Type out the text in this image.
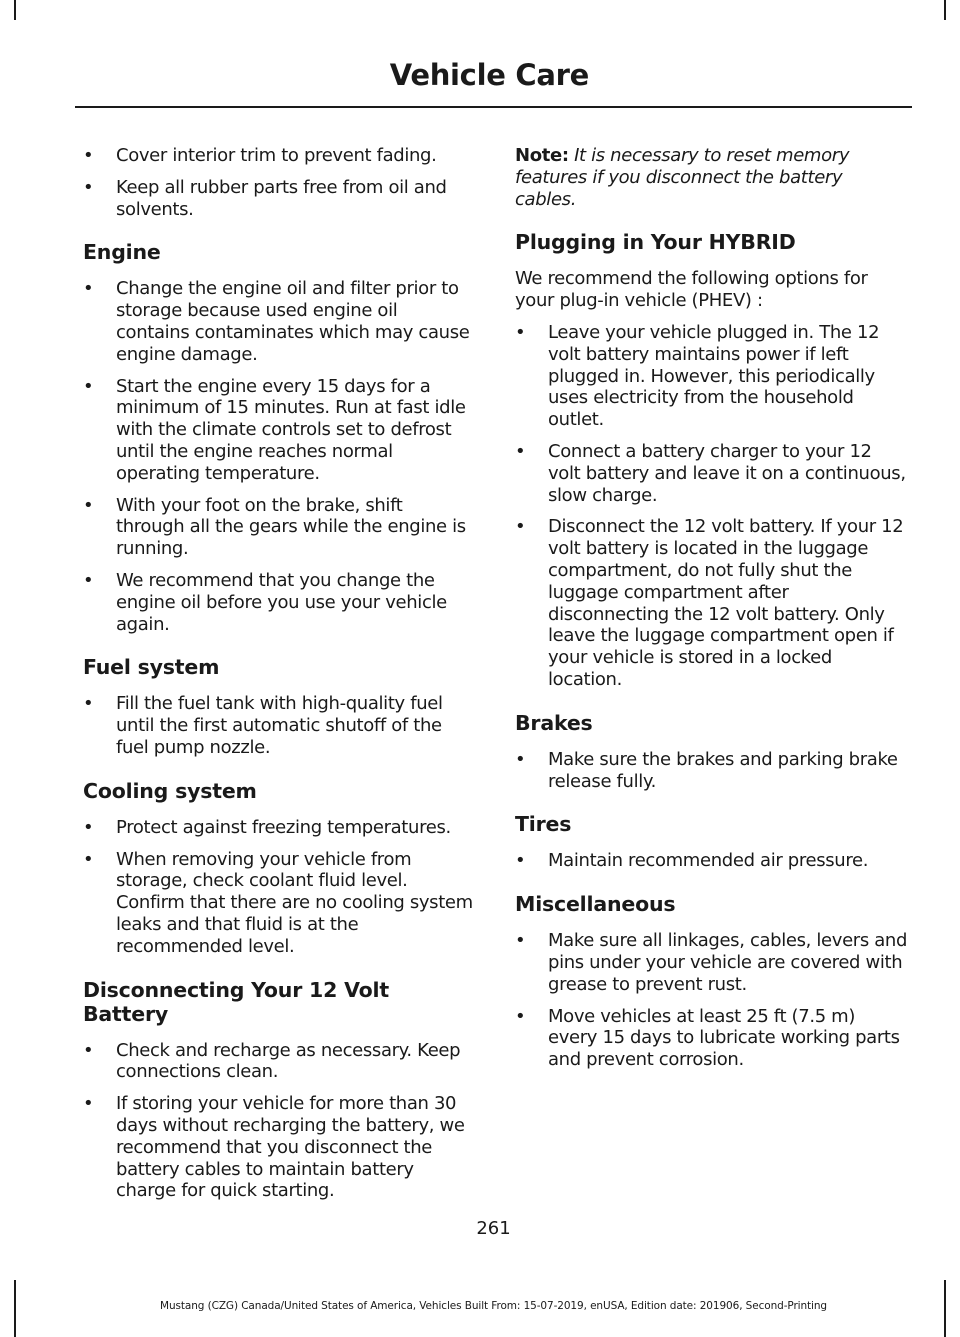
Vehicle Care
• Cover interior trim to prevent fading.
• Keep all rubber parts free from oil and solvents.
Engine
• Change the engine oil and filter prior to storage because used engine oil contains contaminates which may cause engine damage.
• Start the engine every 15 days for a minimum of 15 minutes. Run at fast idle with the climate controls set to defrost until the engine reaches normal operating temperature.
• With your foot on the brake, shift through all the gears while the engine is running.
• We recommend that you change the engine oil before you use your vehicle again.
Fuel system
• Fill the fuel tank with high-quality fuel until the first automatic shutoff of the fuel pump nozzle.
Cooling system
• Protect against freezing temperatures.
• When removing your vehicle from storage, check coolant fluid level. Confirm that there are no cooling system leaks and that fluid is at the recommended level.
Disconnecting Your 12 Volt Battery
• Check and recharge as necessary. Keep connections clean.
• If storing your vehicle for more than 30 days without recharging the battery, we recommend that you disconnect the battery cables to maintain battery charge for quick starting.

Note: It is necessary to reset memory features if you disconnect the battery cables.

Plugging in Your HYBRID

We recommend the following options for your plug-in vehicle (PHEV) :

• Leave your vehicle plugged in. The 12 volt battery maintains power if left plugged in. However, this periodically uses electricity from the household outlet.
• Connect a battery charger to your 12 volt battery and leave it on a continuous, slow charge.
• Disconnect the 12 volt battery. If your 12 volt battery is located in the luggage compartment, do not fully shut the luggage compartment after disconnecting the 12 volt battery. Only leave the luggage compartment open if your vehicle is stored in a locked location.
Brakes
• Make sure the brakes and parking brake release fully.
Tires
• Maintain recommended air pressure.
Miscellaneous
• Make sure all linkages, cables, levers and pins under your vehicle are covered with grease to prevent rust.
• Move vehicles at least 25 ft (7.5 m) every 15 days to lubricate working parts and prevent corrosion.
261
Mustang (CZG) Canada/United States of America, Vehicles Built From: 15-07-2019, enUSA, Edition date: 201906, Second-Printing
